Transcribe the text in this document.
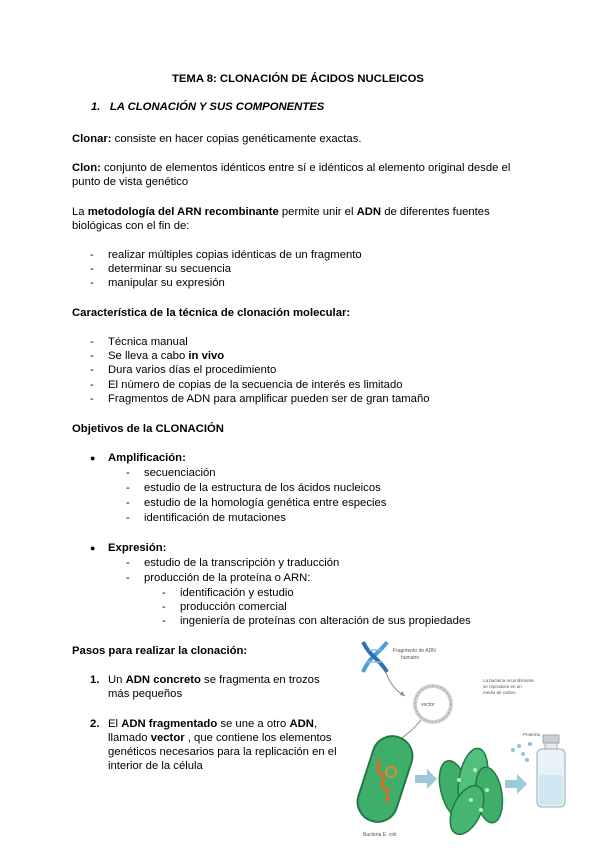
TEMA 8: CLONACIÓN DE ÁCIDOS NUCLEICOS
1. LA CLONACIÓN Y SUS COMPONENTES
Clonar: consiste en hacer copias genéticamente exactas.
Clon: conjunto de elementos idénticos entre sí e idénticos al elemento original desde el
punto de vista genético
La metodología del ARN recombinante permite unir el ADN de diferentes fuentes
biológicas con el fin de:
-	realizar múltiples copias idénticas de un fragmento
-	determinar su secuencia
-	manipular su expresión
Característica de la técnica de clonación molecular:
-	Técnica manual
-	Se lleva a cabo in vivo
-	Dura varios días el procedimiento
-	El número de copias de la secuencia de interés es limitado
-	Fragmentos de ADN para amplificar pueden ser de gran tamaño
Objetivos de la CLONACIÓN
● Amplificación:
-	secuenciación
-	estudio de la estructura de los ácidos nucleicos
-	estudio de la homología genética entre especies
-	identificación de mutaciones
● Expresión:
-	estudio de la transcripción y traducción
-	producción de la proteína o ARN:
-	identificación y estudio
-	producción comercial
-	ingeniería de proteínas con alteración de sus propiedades
Pasos para realizar la clonación:
1. Un ADN concreto se fragmenta en trozos
más pequeños
2. El ADN fragmentado se une a otro ADN,
llamado vector , que contiene los elementos
genéticos necesarios para la replicación en el
interior de la célula
Fragmento de ADN
humano
vector
La bacteria recombinante
se reproduce en un
medio de cultivo
Bacteria E. coli
Proteína
